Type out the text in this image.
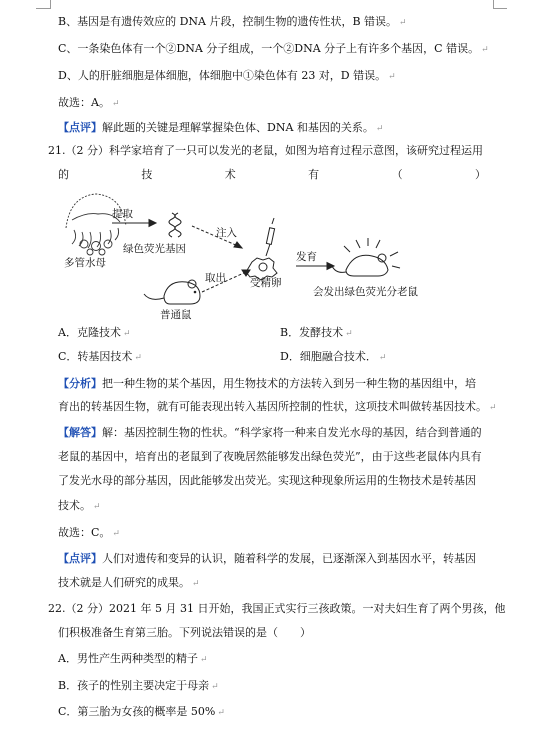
B、基因是有遗传效应的 DNA 片段，控制生物的遗传性状，B 错误。 ↵
C、一条染色体有一个②DNA 分子组成，一个②DNA 分子上有许多个基因，C 错误。 ↵
D、人的肝脏细胞是体细胞，体细胞中①染色体有 23 对，D 错误。 ↵
故选：A。 ↵
【点评】解此题的关键是理解掌握染色体、DNA 和基因的关系。 ↵
21.（2 分）科学家培育了一只可以发光的老鼠，如图为培育过程示意图，该研究过程运用
的	技	术	有	（	）
提取
多管水母
绿色荧光基因
注入
发育
受精卵
取出
会发出绿色荧光分老鼠
普通鼠
A．克隆技术 ↵	B．发酵技术 ↵
C．转基因技术 ↵	D．细胞融合技术． ↵
【分析】把一种生物的某个基因，用生物技术的方法转入到另一种生物的基因组中，培
育出的转基因生物，就有可能表现出转入基因所控制的性状，这项技术叫做转基因技术。 ↵
【解答】解：基因控制生物的性状。“科学家将一种来自发光水母的基因，结合到普通的
老鼠的基因中，培育出的老鼠到了夜晚居然能够发出绿色荧光”，由于这些老鼠体内具有
了发光水母的部分基因，因此能够发出荧光。实现这种现象所运用的生物技术是转基因
技术。 ↵
故选：C。 ↵
【点评】人们对遗传和变异的认识，随着科学的发展，已逐渐深入到基因水平，转基因
技术就是人们研究的成果。 ↵
22.（2 分）2021 年 5 月 31 日开始，我国正式实行三孩政策。一对夫妇生育了两个男孩，他
们积极准备生育第三胎。下列说法错误的是（　　）
A．男性产生两种类型的精子 ↵
B．孩子的性别主要决定于母亲 ↵
C．第三胎为女孩的概率是 50% ↵
